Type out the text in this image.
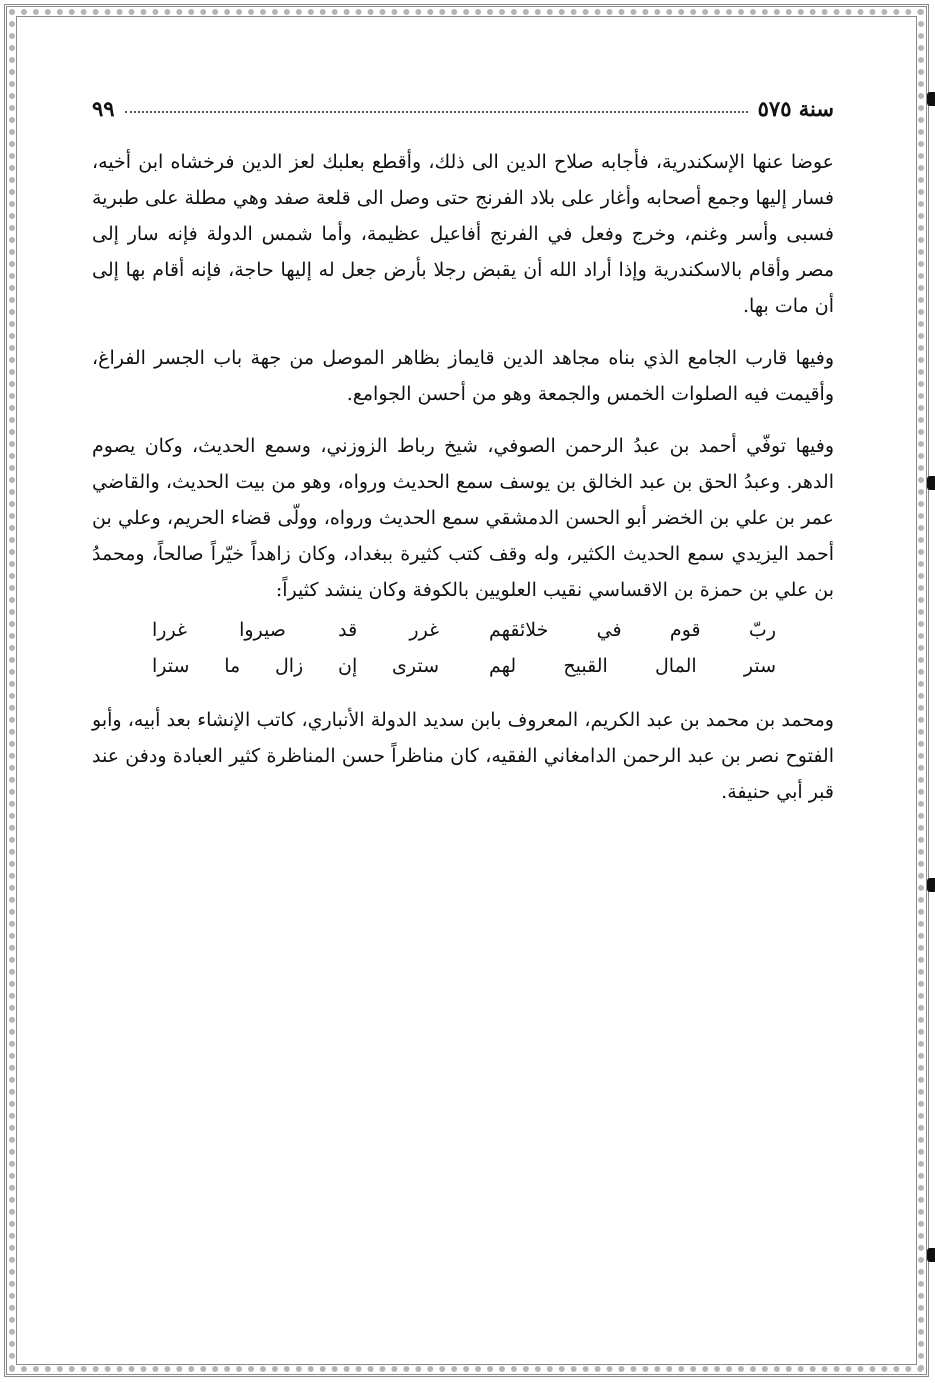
سنة ٥٧٥
٩٩

عوضا عنها الإسكندرية، فأجابه صلاح الدين الى ذلك، وأقطع بعلبك لعز الدين فرخشاه ابن أخيه، فسار إليها وجمع أصحابه وأغار على بلاد الفرنج حتى وصل الى قلعة صفد وهي مطلة على طبرية فسبى وأسر وغنم، وخرج وفعل في الفرنج أفاعيل عظيمة، وأما شمس الدولة فإنه سار إلى مصر وأقام بالاسكندرية وإذا أراد الله أن يقبض رجلا بأرض جعل له إليها حاجة، فإنه أقام بها إلى أن مات بها.

وفيها قارب الجامع الذي بناه مجاهد الدين قايماز بظاهر الموصل من جهة باب الجسر الفراغ، وأقيمت فيه الصلوات الخمس والجمعة وهو من أحسن الجوامع.

وفيها توفّي أحمد بن عبدُ الرحمن الصوفي، شيخ رباط الزوزني، وسمع الحديث، وكان يصوم الدهر. وعبدُ الحق بن عبد الخالق بن يوسف سمع الحديث ورواه، وهو من بيت الحديث، والقاضي عمر بن علي بن الخضر أبو الحسن الدمشقي سمع الحديث ورواه، وولّى قضاء الحريم، وعلي بن أحمد اليزيدي سمع الحديث الكثير، وله وقف كتب كثيرة ببغداد، وكان زاهداً خيّراً صالحاً، ومحمدُ بن علي بن حمزة بن الاقساسي نقيب العلويين بالكوفة وكان ينشد كثيراً:

ربّ قوم في خلائقهم
غرر قد صيروا غررا
ستر المال القبيح لهم
سترى إن زال ما سترا

ومحمد بن محمد بن عبد الكريم، المعروف بابن سديد الدولة الأنباري، كاتب الإنشاء بعد أبيه، وأبو الفتوح نصر بن عبد الرحمن الدامغاني الفقيه، كان مناظراً حسن المناظرة كثير العبادة ودفن عند قبر أبي حنيفة.
